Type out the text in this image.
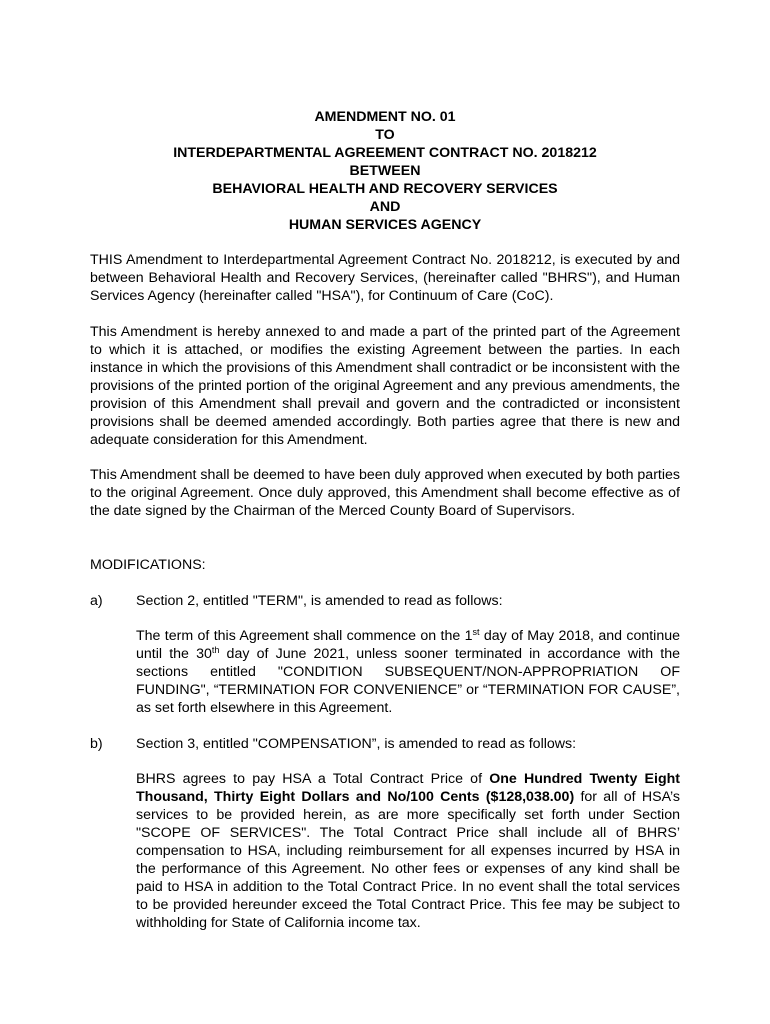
AMENDMENT NO. 01
TO
INTERDEPARTMENTAL AGREEMENT CONTRACT NO. 2018212
BETWEEN
BEHAVIORAL HEALTH AND RECOVERY SERVICES
AND
HUMAN SERVICES AGENCY

THIS Amendment to Interdepartmental Agreement Contract No. 2018212, is executed by and between Behavioral Health and Recovery Services, (hereinafter called "BHRS"), and Human Services Agency (hereinafter called "HSA"), for Continuum of Care (CoC).

This Amendment is hereby annexed to and made a part of the printed part of the Agreement to which it is attached, or modifies the existing Agreement between the parties. In each instance in which the provisions of this Amendment shall contradict or be inconsistent with the provisions of the printed portion of the original Agreement and any previous amendments, the provision of this Amendment shall prevail and govern and the contradicted or inconsistent provisions shall be deemed amended accordingly. Both parties agree that there is new and adequate consideration for this Amendment.

This Amendment shall be deemed to have been duly approved when executed by both parties to the original Agreement. Once duly approved, this Amendment shall become effective as of the date signed by the Chairman of the Merced County Board of Supervisors.

MODIFICATIONS:

a) Section 2, entitled "TERM", is amended to read as follows:

The term of this Agreement shall commence on the 1st day of May 2018, and continue until the 30th day of June 2021, unless sooner terminated in accordance with the sections entitled "CONDITION SUBSEQUENT/NON-APPROPRIATION OF FUNDING", “TERMINATION FOR CONVENIENCE” or “TERMINATION FOR CAUSE”, as set forth elsewhere in this Agreement.

b) Section 3, entitled "COMPENSATION”, is amended to read as follows:

BHRS agrees to pay HSA a Total Contract Price of One Hundred Twenty Eight Thousand, Thirty Eight Dollars and No/100 Cents ($128,038.00) for all of HSA’s services to be provided herein, as are more specifically set forth under Section "SCOPE OF SERVICES". The Total Contract Price shall include all of BHRS’ compensation to HSA, including reimbursement for all expenses incurred by HSA in the performance of this Agreement. No other fees or expenses of any kind shall be paid to HSA in addition to the Total Contract Price. In no event shall the total services to be provided hereunder exceed the Total Contract Price. This fee may be subject to withholding for State of California income tax.
